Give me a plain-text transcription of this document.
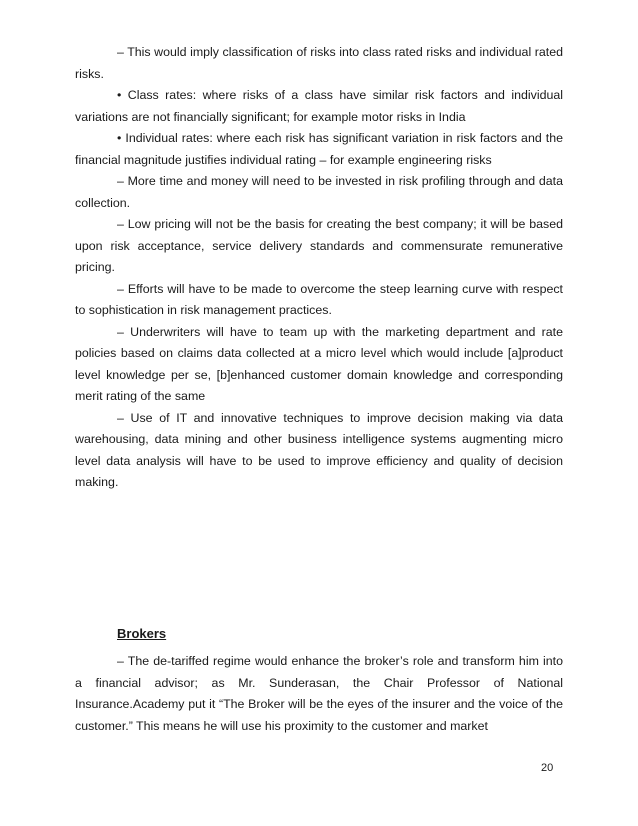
– This would imply classification of risks into class rated risks and individual rated risks.

• Class rates: where risks of a class have similar risk factors and individual variations are not financially significant; for example motor risks in India

• Individual rates: where each risk has significant variation in risk factors and the financial magnitude justifies individual rating – for example engineering risks

– More time and money will need to be invested in risk profiling through and data collection.

– Low pricing will not be the basis for creating the best company; it will be based upon risk acceptance, service delivery standards and commensurate remunerative pricing.

– Efforts will have to be made to overcome the steep learning curve with respect to sophistication in risk management practices.

– Underwriters will have to team up with the marketing department and rate policies based on claims data collected at a micro level which would include [a]product level knowledge per se, [b]enhanced customer domain knowledge and corresponding merit rating of the same

– Use of IT and innovative techniques to improve decision making via data warehousing, data mining and other business intelligence systems augmenting micro level data analysis will have to be used to improve efficiency and quality of decision making.

Brokers

– The de-tariffed regime would enhance the broker’s role and transform him into a financial advisor; as Mr. Sunderasan, the Chair Professor of National Insurance.Academy put it “The Broker will be the eyes of the insurer and the voice of the customer.” This means he will use his proximity to the customer and market

20
